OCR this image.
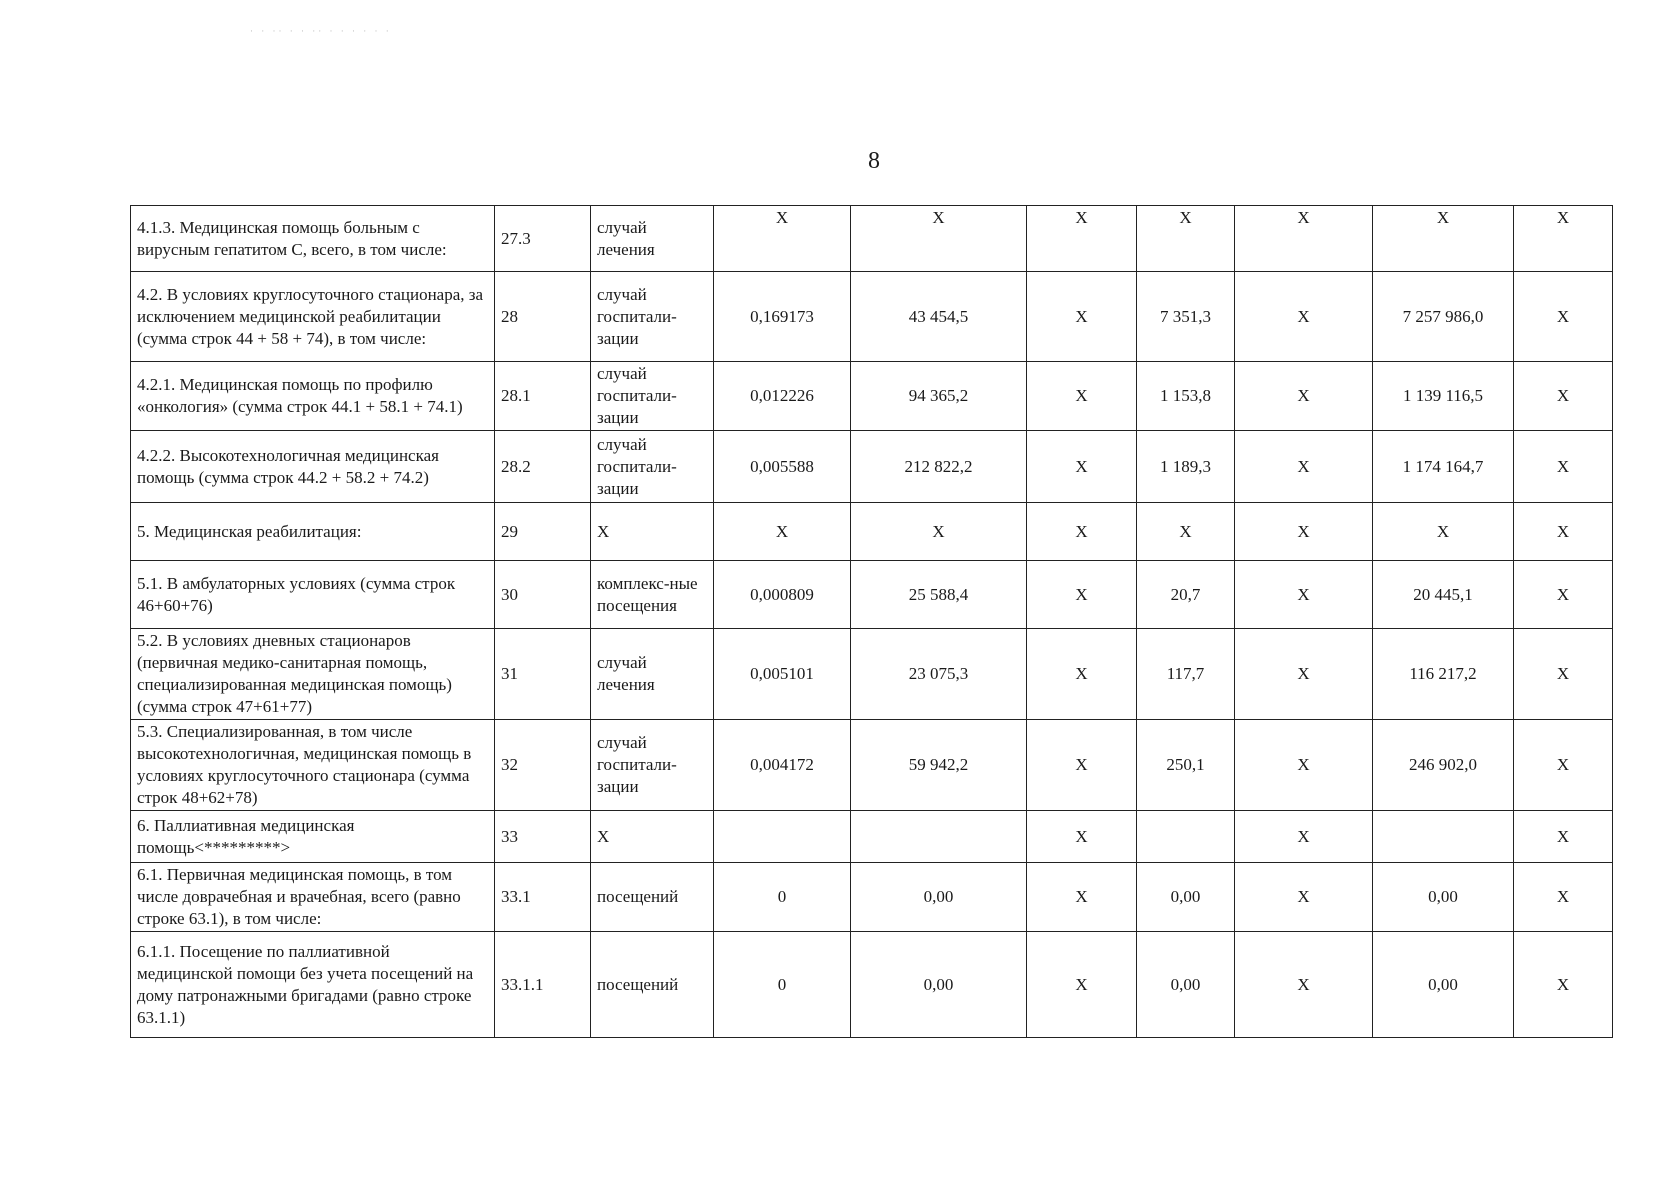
· · ·· · · ·· · · · · · ·
8
4.1.3. Медицинская помощь больным с вирусным гепатитом С, всего, в том числе:	27.3	случай лечения	Х	Х	Х	Х	Х	Х	Х
4.2. В условиях круглосуточного стационара, за исключением медицинской реабилитации (сумма строк 44 + 58 + 74), в том числе:	28	случай госпитали-зации	0,169173	43 454,5	Х	7 351,3	Х	7 257 986,0	Х
4.2.1. Медицинская помощь по профилю «онкология» (сумма строк 44.1 + 58.1 + 74.1)	28.1	случай госпитали-зации	0,012226	94 365,2	Х	1 153,8	Х	1 139 116,5	Х
4.2.2. Высокотехнологичная медицинская помощь (сумма строк 44.2 + 58.2 + 74.2)	28.2	случай госпитали-зации	0,005588	212 822,2	Х	1 189,3	Х	1 174 164,7	Х
5. Медицинская реабилитация:	29	Х	Х	Х	Х	Х	Х	Х	Х
5.1. В амбулаторных условиях (сумма строк 46+60+76)	30	комплекс-ные посещения	0,000809	25 588,4	Х	20,7	Х	20 445,1	Х
5.2. В условиях дневных стационаров (первичная медико-санитарная помощь, специализированная медицинская помощь) (сумма строк 47+61+77)	31	случай лечения	0,005101	23 075,3	Х	117,7	Х	116 217,2	Х
5.3. Специализированная, в том числе высокотехнологичная, медицинская помощь в условиях круглосуточного стационара (сумма строк 48+62+78)	32	случай госпитали-зации	0,004172	59 942,2	Х	250,1	Х	246 902,0	Х
6. Паллиативная медицинская помощь<*********>	33	Х			Х		Х		Х
6.1. Первичная медицинская помощь, в том числе доврачебная и врачебная, всего (равно строке 63.1), в том числе:	33.1	посещений	0	0,00	Х	0,00	Х	0,00	Х
6.1.1. Посещение по паллиативной медицинской помощи без учета посещений на дому патронажными бригадами (равно строке 63.1.1)	33.1.1	посещений	0	0,00	Х	0,00	Х	0,00	Х
